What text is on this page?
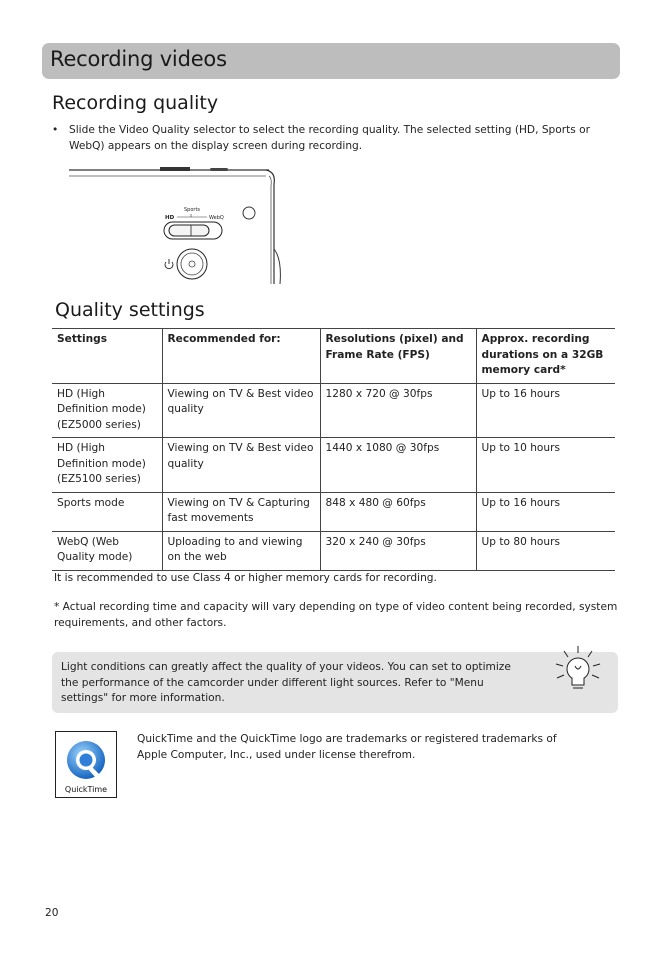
Recording videos
Recording quality
• Slide the Video Quality selector to select the recording quality. The selected setting (HD, Sports or WebQ) appears on the display screen during recording.
Sports
HD	WebQ
Quality settings
Settings	Recommended for:	Resolutions (pixel) and Frame Rate (FPS)	Approx. recording durations on a 32GB memory card*
HD (High Definition mode) (EZ5000 series)	Viewing on TV & Best video quality	1280 x 720 @ 30fps	Up to 16 hours
HD (High Definition mode) (EZ5100 series)	Viewing on TV & Best video quality	1440 x 1080 @ 30fps	Up to 10 hours
Sports mode	Viewing on TV & Capturing fast movements	848 x 480 @ 60fps	Up to 16 hours
WebQ (Web Quality mode)	Uploading to and viewing on the web	320 x 240 @ 30fps	Up to 80 hours
It is recommended to use Class 4 or higher memory cards for recording.
* Actual recording time and capacity will vary depending on type of video content being recorded, system requirements, and other factors.
Light conditions can greatly affect the quality of your videos. You can set to optimize the performance of the camcorder under different light sources. Refer to "Menu settings" for more information.
QuickTime
QuickTime and the QuickTime logo are trademarks or registered trademarks of Apple Computer, Inc., used under license therefrom.
20
